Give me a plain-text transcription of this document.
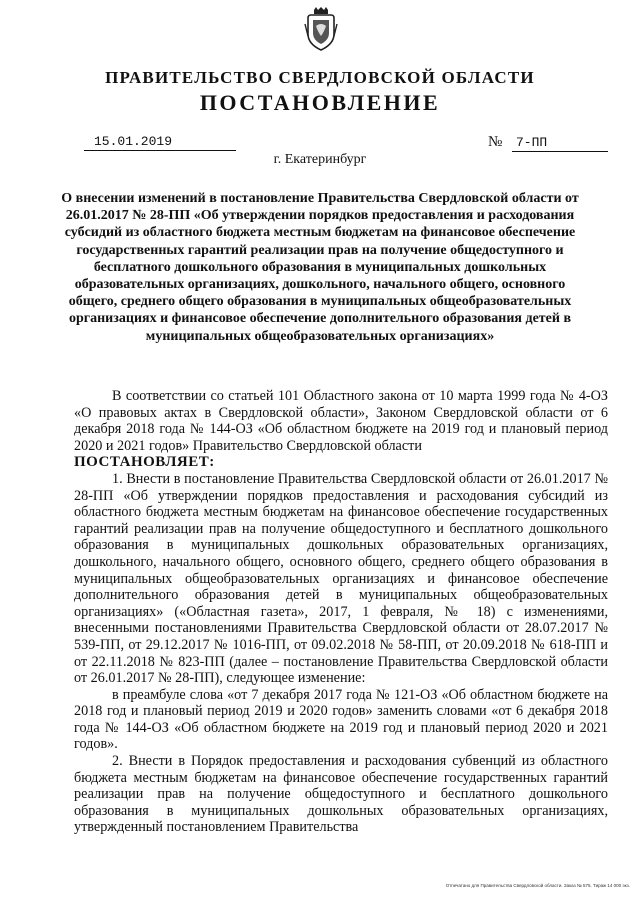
ПРАВИТЕЛЬСТВО СВЕРДЛОВСКОЙ ОБЛАСТИ
ПОСТАНОВЛЕНИЕ
15.01.2019	№ 7-ПП
г. Екатеринбург
О внесении изменений в постановление Правительства Свердловской области от 26.01.2017 № 28-ПП «Об утверждении порядков предоставления и расходования субсидий из областного бюджета местным бюджетам на финансовое обеспечение государственных гарантий реализации прав на получение общедоступного и бесплатного дошкольного образования в муниципальных дошкольных образовательных организациях, дошкольного, начального общего, основного общего, среднего общего образования в муниципальных общеобразовательных организациях и финансовое обеспечение дополнительного образования детей в муниципальных общеобразовательных организациях»

В соответствии со статьей 101 Областного закона от 10 марта 1999 года № 4-ОЗ «О правовых актах в Свердловской области», Законом Свердловской области от 6 декабря 2018 года № 144-ОЗ «Об областном бюджете на 2019 год и плановый период 2020 и 2021 годов» Правительство Свердловской области

ПОСТАНОВЛЯЕТ:

1. Внести в постановление Правительства Свердловской области от 26.01.2017 № 28-ПП «Об утверждении порядков предоставления и расходования субсидий из областного бюджета местным бюджетам на финансовое обеспечение государственных гарантий реализации прав на получение общедоступного и бесплатного дошкольного образования в муниципальных дошкольных образовательных организациях, дошкольного, начального общего, основного общего, среднего общего образования в муниципальных общеобразовательных организациях и финансовое обеспечение дополнительного образования детей в муниципальных общеобразовательных организациях» («Областная газета», 2017, 1 февраля, № 18) с изменениями, внесенными постановлениями Правительства Свердловской области от 28.07.2017 № 539-ПП, от 29.12.2017 № 1016-ПП, от 09.02.2018 № 58-ПП, от 20.09.2018 № 618-ПП и от 22.11.2018 № 823-ПП (далее – постановление Правительства Свердловской области от 26.01.2017 № 28-ПП), следующее изменение:

в преамбуле слова «от 7 декабря 2017 года № 121-ОЗ «Об областном бюджете на 2018 год и плановый период 2019 и 2020 годов» заменить словами «от 6 декабря 2018 года № 144-ОЗ «Об областном бюджете на 2019 год и плановый период 2020 и 2021 годов».

2. Внести в Порядок предоставления и расходования субвенций из областного бюджета местным бюджетам на финансовое обеспечение государственных гарантий реализации прав на получение общедоступного и бесплатного дошкольного образования в муниципальных дошкольных образовательных организациях, утвержденный постановлением Правительства

Отпечатано для Правительства Свердловской области. Заказ № 575. Тираж 14 000 экз.
